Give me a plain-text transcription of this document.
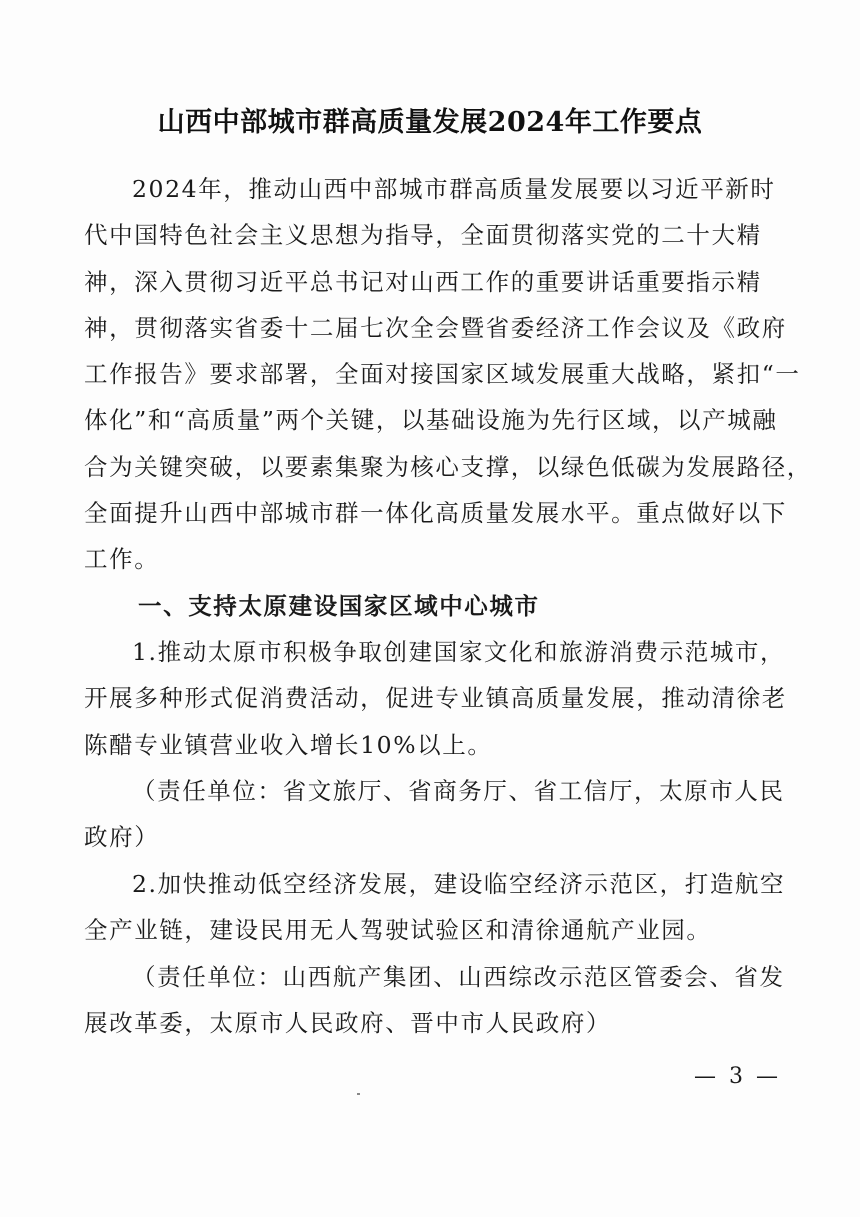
山西中部城市群高质量发展2024年工作要点

2024年，推动山西中部城市群高质量发展要以习近平新时
代中国特色社会主义思想为指导，全面贯彻落实党的二十大精
神，深入贯彻习近平总书记对山西工作的重要讲话重要指示精
神，贯彻落实省委十二届七次全会暨省委经济工作会议及《政府
工作报告》要求部署，全面对接国家区域发展重大战略，紧扣“一
体化”和“高质量”两个关键，以基础设施为先行区域，以产城融
合为关键突破，以要素集聚为核心支撑，以绿色低碳为发展路径，
全面提升山西中部城市群一体化高质量发展水平。重点做好以下
工作。

一、支持太原建设国家区域中心城市

1.推动太原市积极争取创建国家文化和旅游消费示范城市，
开展多种形式促消费活动，促进专业镇高质量发展，推动清徐老
陈醋专业镇营业收入增长10%以上。

（责任单位：省文旅厅、省商务厅、省工信厅，太原市人民
政府）

2.加快推动低空经济发展，建设临空经济示范区，打造航空
全产业链，建设民用无人驾驶试验区和清徐通航产业园。

（责任单位：山西航产集团、山西综改示范区管委会、省发
展改革委，太原市人民政府、晋中市人民政府）

— 3 —
